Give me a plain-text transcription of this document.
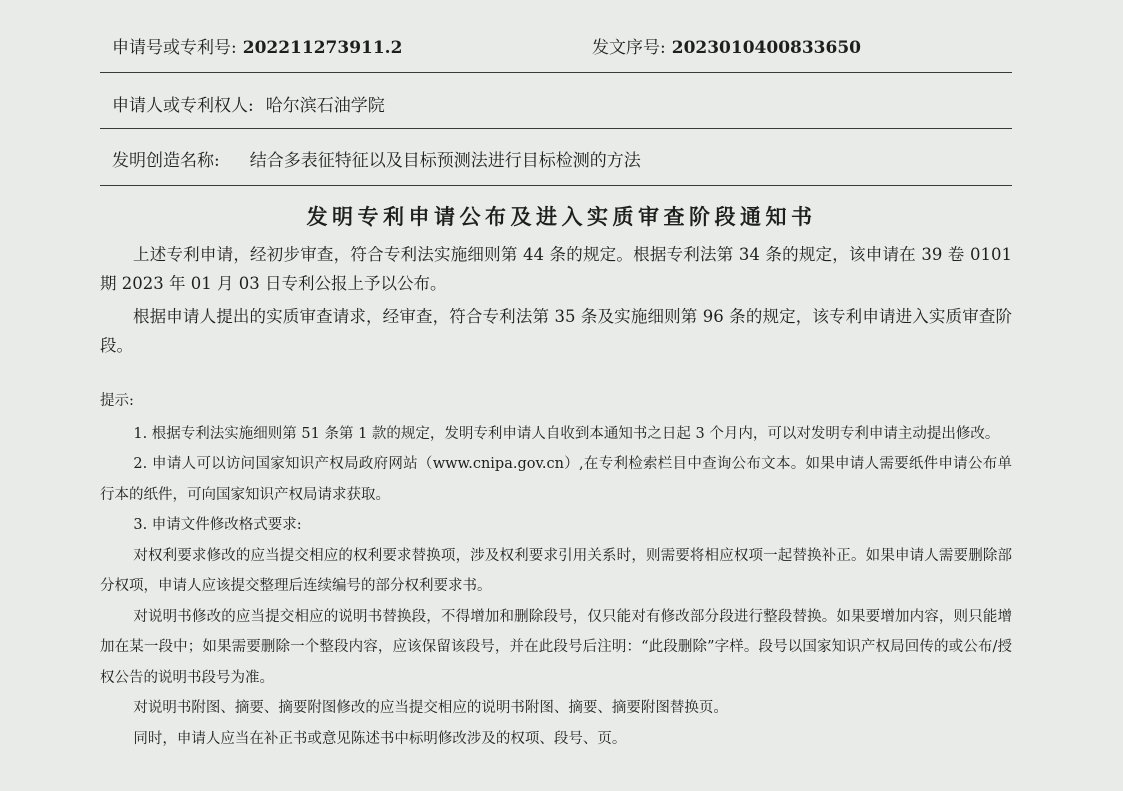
申请号或专利号: 202211273911.2	发文序号: 2023010400833650
申请人或专利权人: 哈尔滨石油学院
发明创造名称: 结合多表征特征以及目标预测法进行目标检测的方法
发明专利申请公布及进入实质审查阶段通知书

上述专利申请，经初步审查，符合专利法实施细则第 44 条的规定。根据专利法第 34 条的规定，该申请在 39 卷 0101 期 2023 年 01 月 03 日专利公报上予以公布。

根据申请人提出的实质审查请求，经审查，符合专利法第 35 条及实施细则第 96 条的规定，该专利申请进入实质审查阶段。

提示:

1. 根据专利法实施细则第 51 条第 1 款的规定，发明专利申请人自收到本通知书之日起 3 个月内，可以对发明专利申请主动提出修改。

2. 申请人可以访问国家知识产权局政府网站（www.cnipa.gov.cn）,在专利检索栏目中查询公布文本。如果申请人需要纸件申请公布单行本的纸件，可向国家知识产权局请求获取。

3. 申请文件修改格式要求:

对权利要求修改的应当提交相应的权利要求替换项，涉及权利要求引用关系时，则需要将相应权项一起替换补正。如果申请人需要删除部分权项，申请人应该提交整理后连续编号的部分权利要求书。

对说明书修改的应当提交相应的说明书替换段，不得增加和删除段号，仅只能对有修改部分段进行整段替换。如果要增加内容，则只能增加在某一段中；如果需要删除一个整段内容，应该保留该段号，并在此段号后注明：“此段删除”字样。段号以国家知识产权局回传的或公布/授权公告的说明书段号为准。

对说明书附图、摘要、摘要附图修改的应当提交相应的说明书附图、摘要、摘要附图替换页。

同时，申请人应当在补正书或意见陈述书中标明修改涉及的权项、段号、页。
